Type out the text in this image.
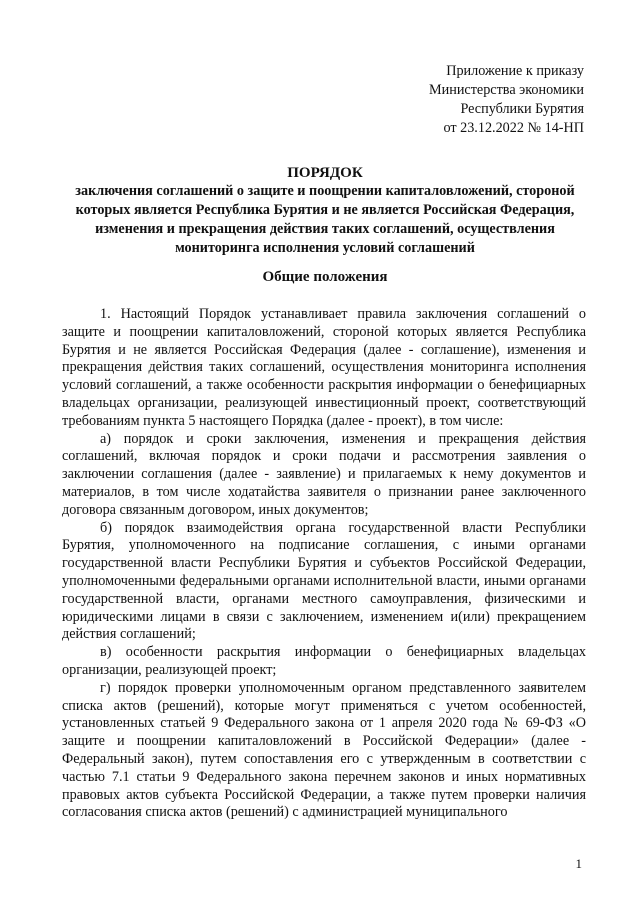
Приложение к приказу
Министерства экономики
Республики Бурятия
от 23.12.2022 № 14-НП
ПОРЯДОК
заключения соглашений о защите и поощрении капиталовложений, стороной которых является Республика Бурятия и не является Российская Федерация, изменения и прекращения действия таких соглашений, осуществления мониторинга исполнения условий соглашений
Общие положения

1. Настоящий Порядок устанавливает правила заключения соглашений о защите и поощрении капиталовложений, стороной которых является Республика Бурятия и не является Российская Федерация (далее - соглашение), изменения и прекращения действия таких соглашений, осуществления мониторинга исполнения условий соглашений, а также особенности раскрытия информации о бенефициарных владельцах организации, реализующей инвестиционный проект, соответствующий требованиям пункта 5 настоящего Порядка (далее - проект), в том числе:

а) порядок и сроки заключения, изменения и прекращения действия соглашений, включая порядок и сроки подачи и рассмотрения заявления о заключении соглашения (далее - заявление) и прилагаемых к нему документов и материалов, в том числе ходатайства заявителя о признании ранее заключенного договора связанным договором, иных документов;

б) порядок взаимодействия органа государственной власти Республики Бурятия, уполномоченного на подписание соглашения, с иными органами государственной власти Республики Бурятия и субъектов Российской Федерации, уполномоченными федеральными органами исполнительной власти, иными органами государственной власти, органами местного самоуправления, физическими и юридическими лицами в связи с заключением, изменением и(или) прекращением действия соглашений;

в) особенности раскрытия информации о бенефициарных владельцах организации, реализующей проект;

г) порядок проверки уполномоченным органом представленного заявителем списка актов (решений), которые могут применяться с учетом особенностей, установленных статьей 9 Федерального закона от 1 апреля 2020 года № 69-ФЗ «О защите и поощрении капиталовложений в Российской Федерации» (далее - Федеральный закон), путем сопоставления его с утвержденным в соответствии с частью 7.1 статьи 9 Федерального закона перечнем законов и иных нормативных правовых актов субъекта Российской Федерации, а также путем проверки наличия согласования списка актов (решений) с администрацией муниципального

1
